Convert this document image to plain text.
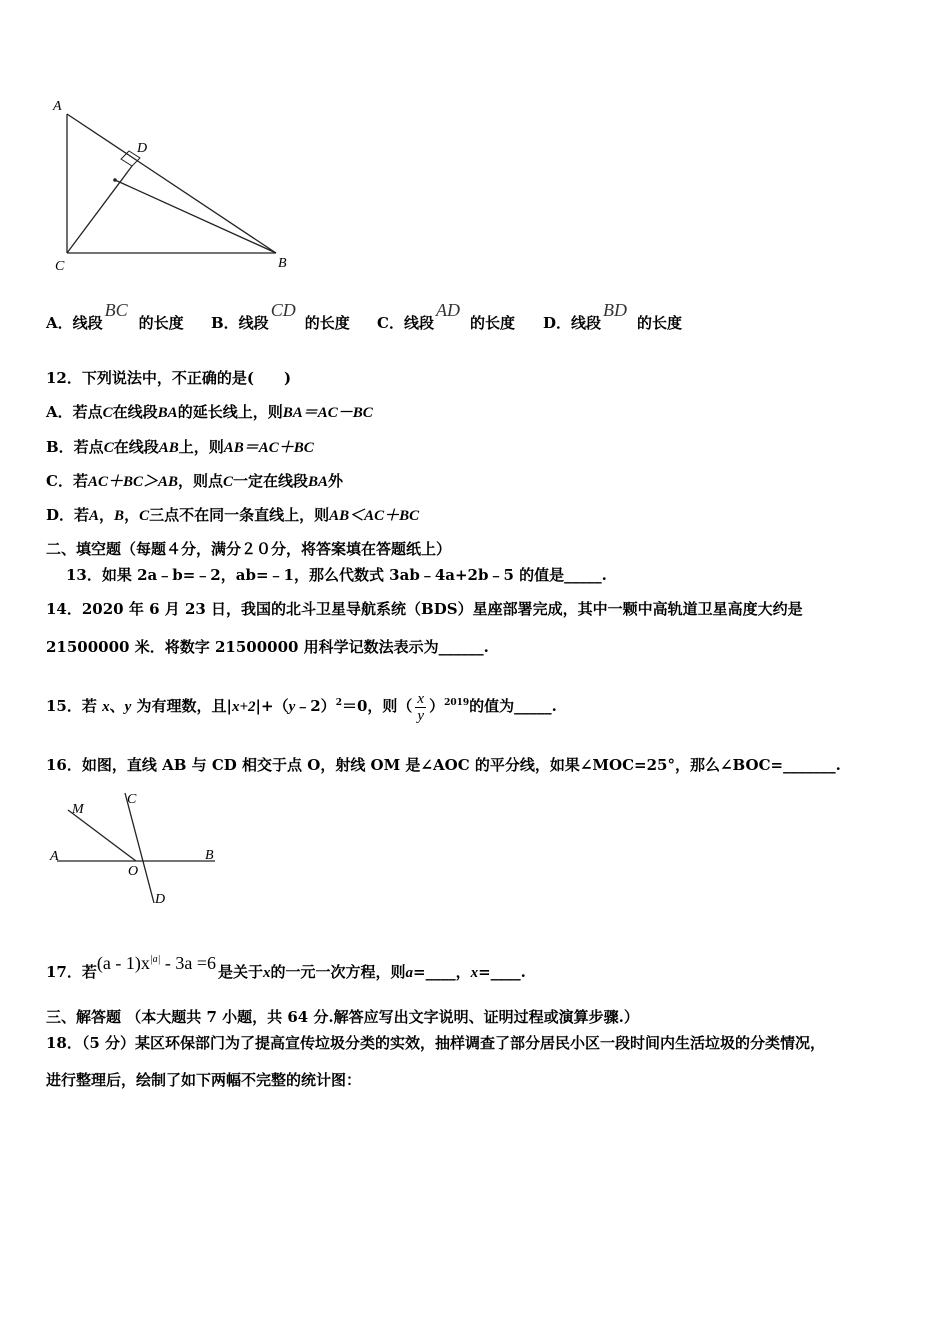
A
D
C	B
A．线段
BC
的长度 B．线段
CD
的长度 C．线段
AD
的长度 D．线段
BD
的长度
12．下列说法中，不正确的是(　　)
A．若点C在线段BA的延长线上，则BA＝AC－BC
B．若点C在线段AB上，则AB＝AC＋BC
C．若AC＋BC＞AB，则点C一定在线段BA外
D．若A，B，C三点不在同一条直线上，则AB＜AC＋BC
二、填空题（每题４分，满分２０分，将答案填在答题纸上）
13．如果 2a﹣b=﹣2，ab=﹣1，那么代数式 3ab﹣4a+2b﹣5 的值是_____.
14．2020 年 6 月 23 日，我国的北斗卫星导航系统（BDS）星座部署完成，其中一颗中高轨道卫星高度大约是
21500000 米．将数字 21500000 用科学记数法表示为______.
15．若 x、y 为有理数，且|x+2|+（y﹣2）$^2$＝0，则（ $\frac{x}{y} )^{2019}$的值为_____.
16．如图，直线 AB 与 CD 相交于点 O，射线 OM 是∠AOC 的平分线，如果∠MOC=25°，那么∠BOC=_______.
M
C
A	B
O
D
17．若$(a - 1)x^{|a|} - 3a =6$ 是关于x的一元一次方程，则a=____，x=____.
三、解答题 （本大题共 7 小题，共 64 分.解答应写出文字说明、证明过程或演算步骤.）
18．（5 分）某区环保部门为了提高宣传垃圾分类的实效，抽样调查了部分居民小区一段时间内生活垃圾的分类情况，
进行整理后，绘制了如下两幅不完整的统计图：
